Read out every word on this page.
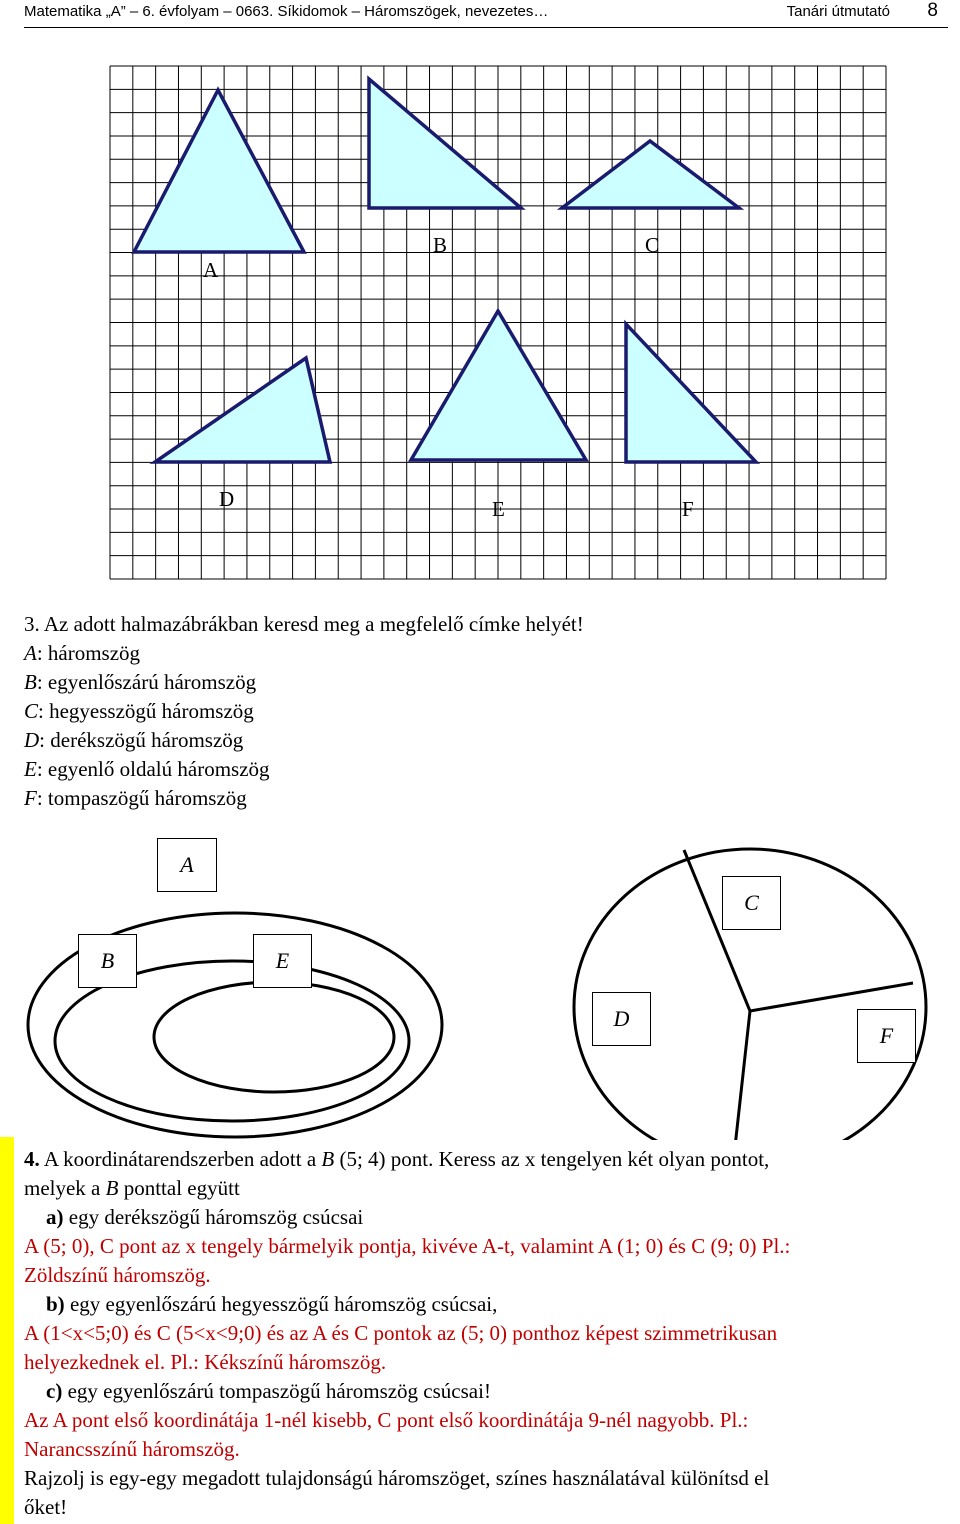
Matematika „A” – 6. évfolyam – 0663. Síkidomok – Háromszögek, nevezetes…	Tanári útmutató 8
A
B	C
D	E	F
3. Az adott halmazábrákban keresd meg a megfelelő címke helyét!
A: háromszög
B: egyenlőszárú háromszög
C: hegyesszögű háromszög
D: derékszögű háromszög
E: egyenlő oldalú háromszög
F: tompaszögű háromszög
A
B	E
C
D
F
4. A koordinátarendszerben adott a B (5; 4) pont. Keress az x tengelyen két olyan pontot,
melyek a B ponttal együtt
a) egy derékszögű háromszög csúcsai
A (5; 0), C pont az x tengely bármelyik pontja, kivéve A-t, valamint A (1; 0) és C (9; 0) Pl.:
Zöldszínű háromszög.
b) egy egyenlőszárú hegyesszögű háromszög csúcsai,
A (1<x<5;0) és C (5<x<9;0) és az A és C pontok az (5; 0) ponthoz képest szimmetrikusan
helyezkednek el. Pl.: Kékszínű háromszög.
c) egy egyenlőszárú tompaszögű háromszög csúcsai!
Az A pont első koordinátája 1-nél kisebb, C pont első koordinátája 9-nél nagyobb. Pl.:
Narancsszínű háromszög.
Rajzolj is egy-egy megadott tulajdonságú háromszöget, színes használatával különítsd el
őket!
